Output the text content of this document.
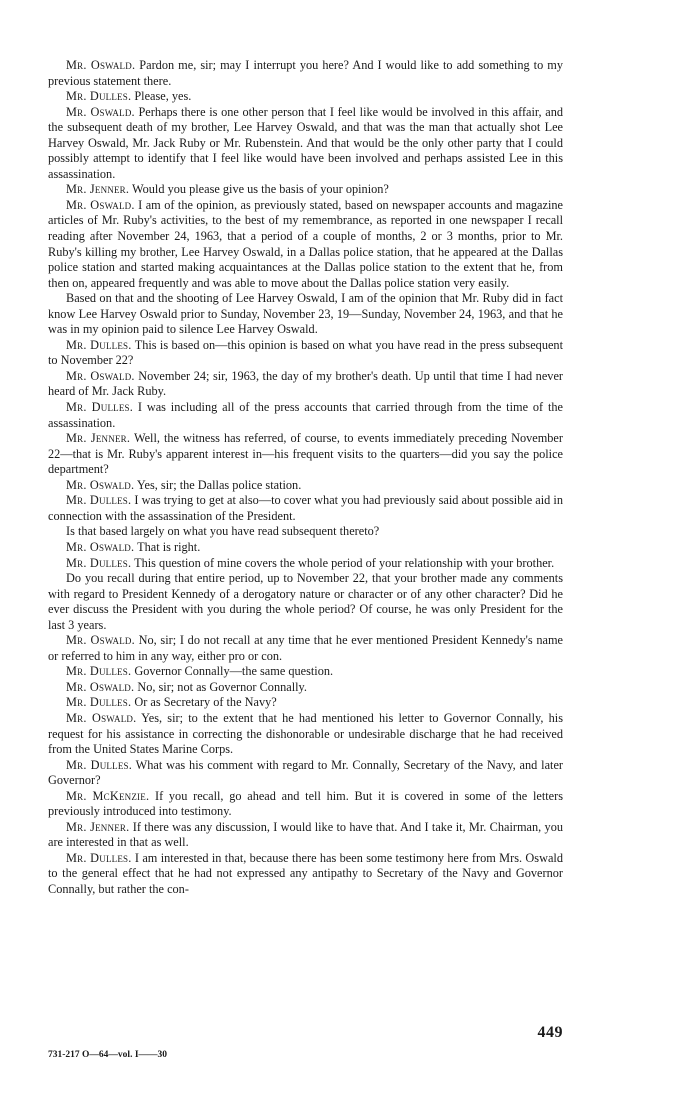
Mr. Oswald. Pardon me, sir; may I interrupt you here? And I would like to add something to my previous statement there.

Mr. Dulles. Please, yes.

Mr. Oswald. Perhaps there is one other person that I feel like would be involved in this affair, and the subsequent death of my brother, Lee Harvey Oswald, and that was the man that actually shot Lee Harvey Oswald, Mr. Jack Ruby or Mr. Rubenstein. And that would be the only other party that I could possibly attempt to identify that I feel like would have been involved and perhaps assisted Lee in this assassination.

Mr. Jenner. Would you please give us the basis of your opinion?

Mr. Oswald. I am of the opinion, as previously stated, based on newspaper accounts and magazine articles of Mr. Ruby's activities, to the best of my remembrance, as reported in one newspaper I recall reading after November 24, 1963, that a period of a couple of months, 2 or 3 months, prior to Mr. Ruby's killing my brother, Lee Harvey Oswald, in a Dallas police station, that he appeared at the Dallas police station and started making acquaintances at the Dallas police station to the extent that he, from then on, appeared frequently and was able to move about the Dallas police station very easily.

Based on that and the shooting of Lee Harvey Oswald, I am of the opinion that Mr. Ruby did in fact know Lee Harvey Oswald prior to Sunday, November 23, 19—Sunday, November 24, 1963, and that he was in my opinion paid to silence Lee Harvey Oswald.

Mr. Dulles. This is based on—this opinion is based on what you have read in the press subsequent to November 22?

Mr. Oswald. November 24; sir, 1963, the day of my brother's death. Up until that time I had never heard of Mr. Jack Ruby.

Mr. Dulles. I was including all of the press accounts that carried through from the time of the assassination.

Mr. Jenner. Well, the witness has referred, of course, to events immediately preceding November 22—that is Mr. Ruby's apparent interest in—his frequent visits to the quarters—did you say the police department?

Mr. Oswald. Yes, sir; the Dallas police station.

Mr. Dulles. I was trying to get at also—to cover what you had previously said about possible aid in connection with the assassination of the President.

Is that based largely on what you have read subsequent thereto?

Mr. Oswald. That is right.

Mr. Dulles. This question of mine covers the whole period of your relationship with your brother.

Do you recall during that entire period, up to November 22, that your brother made any comments with regard to President Kennedy of a derogatory nature or character or of any other character? Did he ever discuss the President with you during the whole period? Of course, he was only President for the last 3 years.

Mr. Oswald. No, sir; I do not recall at any time that he ever mentioned President Kennedy's name or referred to him in any way, either pro or con.

Mr. Dulles. Governor Connally—the same question.

Mr. Oswald. No, sir; not as Governor Connally.

Mr. Dulles. Or as Secretary of the Navy?

Mr. Oswald. Yes, sir; to the extent that he had mentioned his letter to Governor Connally, his request for his assistance in correcting the dishonorable or undesirable discharge that he had received from the United States Marine Corps.

Mr. Dulles. What was his comment with regard to Mr. Connally, Secretary of the Navy, and later Governor?

Mr. McKenzie. If you recall, go ahead and tell him. But it is covered in some of the letters previously introduced into testimony.

Mr. Jenner. If there was any discussion, I would like to have that. And I take it, Mr. Chairman, you are interested in that as well.

Mr. Dulles. I am interested in that, because there has been some testimony here from Mrs. Oswald to the general effect that he had not expressed any antipathy to Secretary of the Navy and Governor Connally, but rather the con-

449
731-217 O—64—vol. I——30
